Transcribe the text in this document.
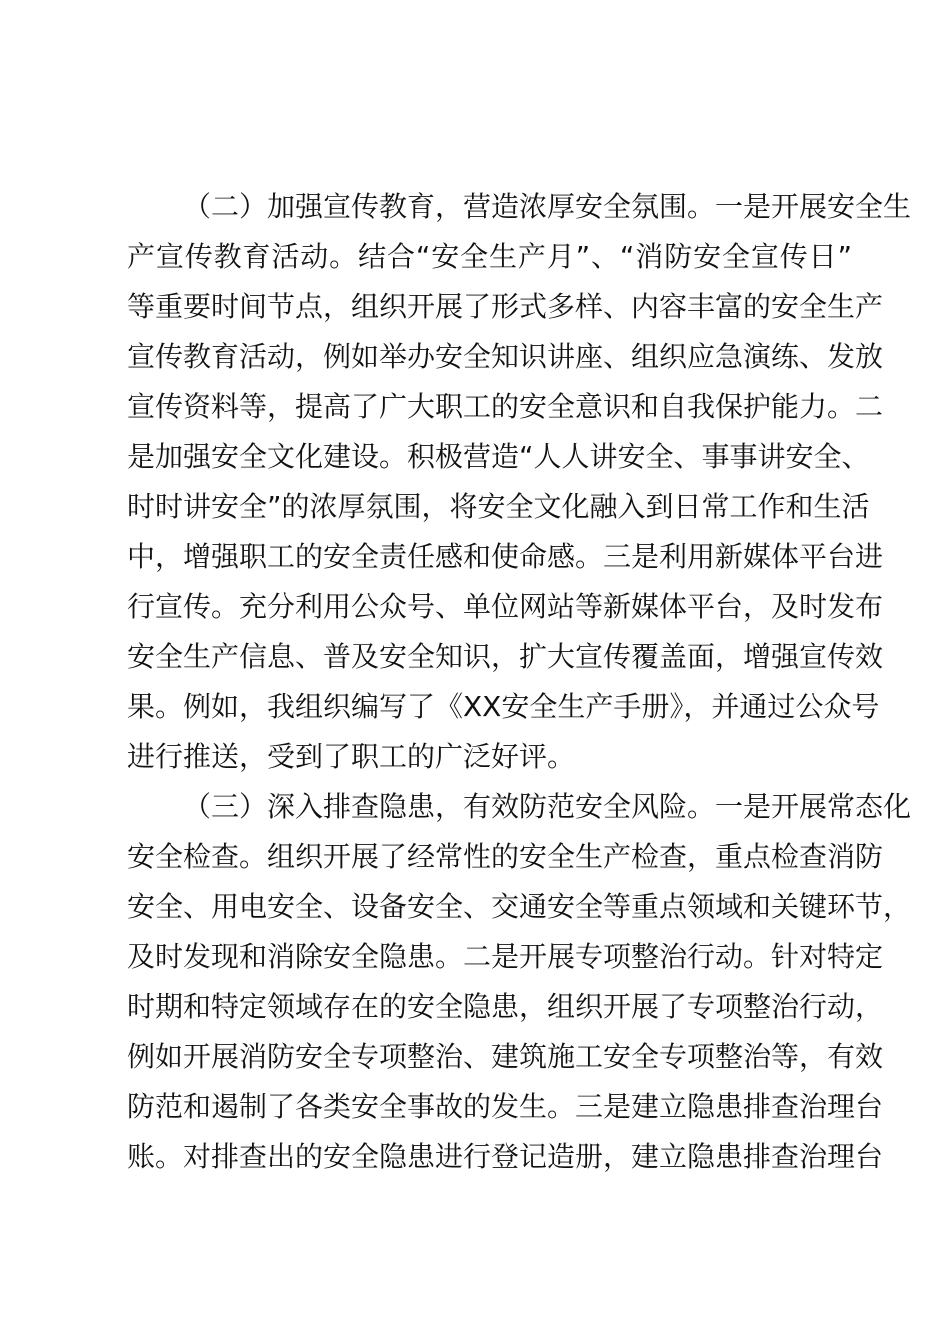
（二）加强宣传教育，营造浓厚安全氛围。一是开展安全生
产宣传教育活动。结合“安全生产月”、“消防安全宣传日”
等重要时间节点，组织开展了形式多样、内容丰富的安全生产
宣传教育活动，例如举办安全知识讲座、组织应急演练、发放
宣传资料等，提高了广大职工的安全意识和自我保护能力。二
是加强安全文化建设。积极营造“人人讲安全、事事讲安全、
时时讲安全”的浓厚氛围，将安全文化融入到日常工作和生活
中，增强职工的安全责任感和使命感。三是利用新媒体平台进
行宣传。充分利用公众号、单位网站等新媒体平台，及时发布
安全生产信息、普及安全知识，扩大宣传覆盖面，增强宣传效
果。例如，我组织编写了《XX安全生产手册》，并通过公众号
进行推送，受到了职工的广泛好评。
（三）深入排查隐患，有效防范安全风险。一是开展常态化
安全检查。组织开展了经常性的安全生产检查，重点检查消防
安全、用电安全、设备安全、交通安全等重点领域和关键环节，
及时发现和消除安全隐患。二是开展专项整治行动。针对特定
时期和特定领域存在的安全隐患，组织开展了专项整治行动，
例如开展消防安全专项整治、建筑施工安全专项整治等，有效
防范和遏制了各类安全事故的发生。三是建立隐患排查治理台
账。对排查出的安全隐患进行登记造册，建立隐患排查治理台
